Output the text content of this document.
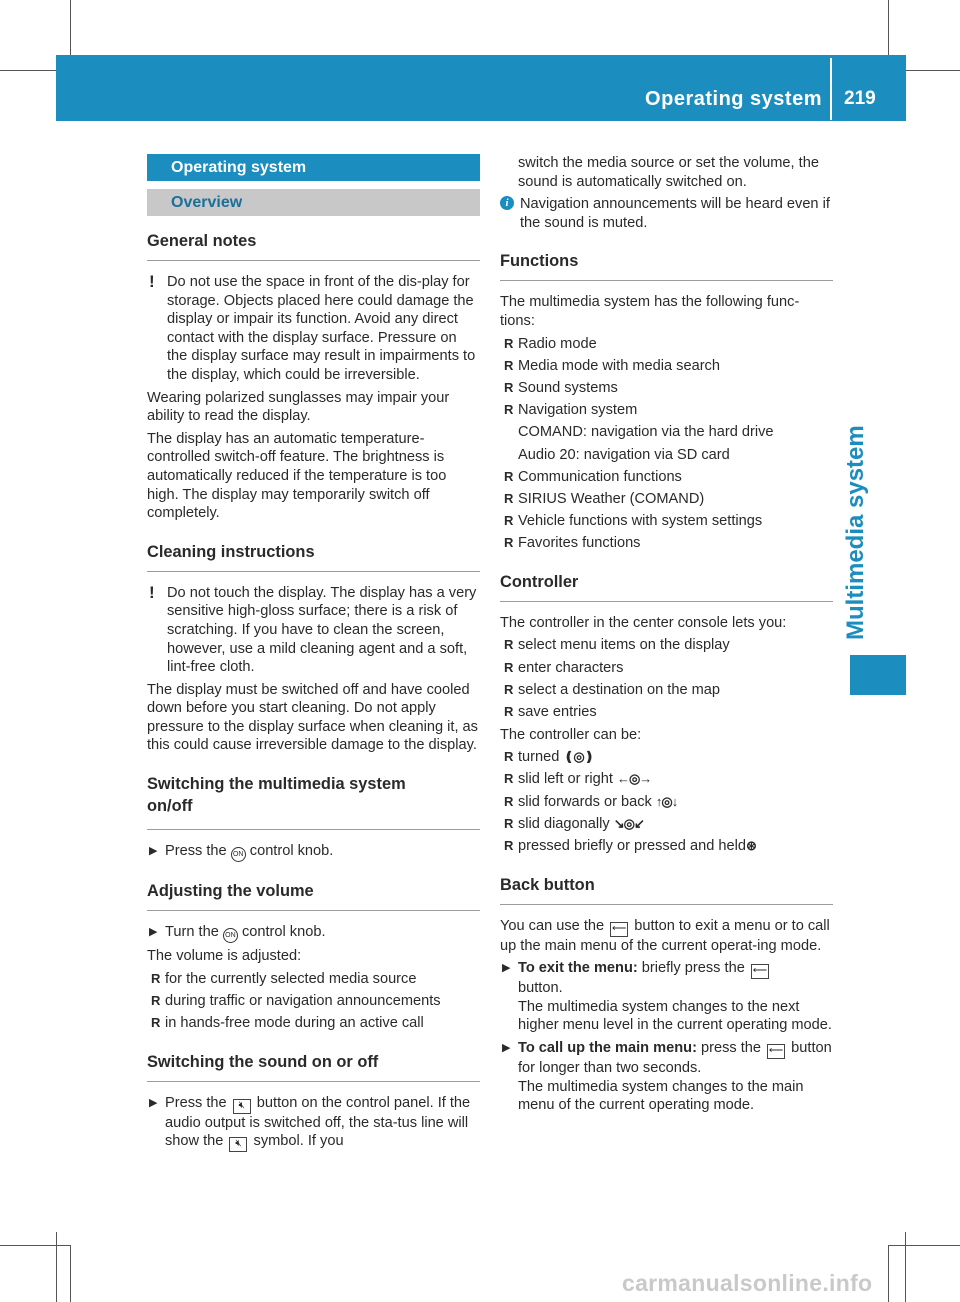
Operating system 219
Multimedia system
Operating system
Overview
General notes
! Do not use the space in front of the dis-play for storage. Objects placed here could damage the display or impair its function. Avoid any direct contact with the display surface. Pressure on the display surface may result in impairments to the display, which could be irreversible.

Wearing polarized sunglasses may impair your ability to read the display.

The display has an automatic temperature-controlled switch-off feature. The brightness is automatically reduced if the temperature is too high. The display may temporarily switch off completely.

Cleaning instructions
! Do not touch the display. The display has a very sensitive high-gloss surface; there is a risk of scratching. If you have to clean the screen, however, use a mild cleaning agent and a soft, lint-free cloth.

The display must be switched off and have cooled down before you start cleaning. Do not apply pressure to the display surface when cleaning it, as this could cause irreversible damage to the display.

Switching the multimedia system on/off
▶ Press the ON control knob.
Adjusting the volume
▶ Turn the ON control knob.

The volume is adjusted:

R for the currently selected media source
R during traffic or navigation announcements
R in hands-free mode during an active call
Switching the sound on or off
▶ Press the 🔇︎ button on the control panel. If the audio output is switched off, the sta-tus line will show the 🔇︎ symbol. If you

switch the media source or set the volume, the sound is automatically switched on.

i Navigation announcements will be heard even if the sound is muted.
Functions

The multimedia system has the following func-tions:

R Radio mode
R Media mode with media search
R Sound systems
R Navigation system
COMAND: navigation via the hard drive
Audio 20: navigation via SD card
R Communication functions
R SIRIUS Weather (COMAND)
R Vehicle functions with system settings
R Favorites functions
Controller

The controller in the center console lets you:

R select menu items on the display
R enter characters
R select a destination on the map
R save entries

The controller can be:

R turned ❪◎❫
R slid left or right ←◎→
R slid forwards or back ↑◎↓
R slid diagonally ↘◎↙
R pressed briefly or pressed and held⊛
Back button

You can use the ⟵ button to exit a menu or to call up the main menu of the current operat-ing mode.

▶ To exit the menu: briefly press the ⟵
button.
The multimedia system changes to the next higher menu level in the current operating mode.
▶ To call up the main menu: press the ⟵ button for longer than two seconds.
The multimedia system changes to the main menu of the current operating mode.
carmanualsonline.info
